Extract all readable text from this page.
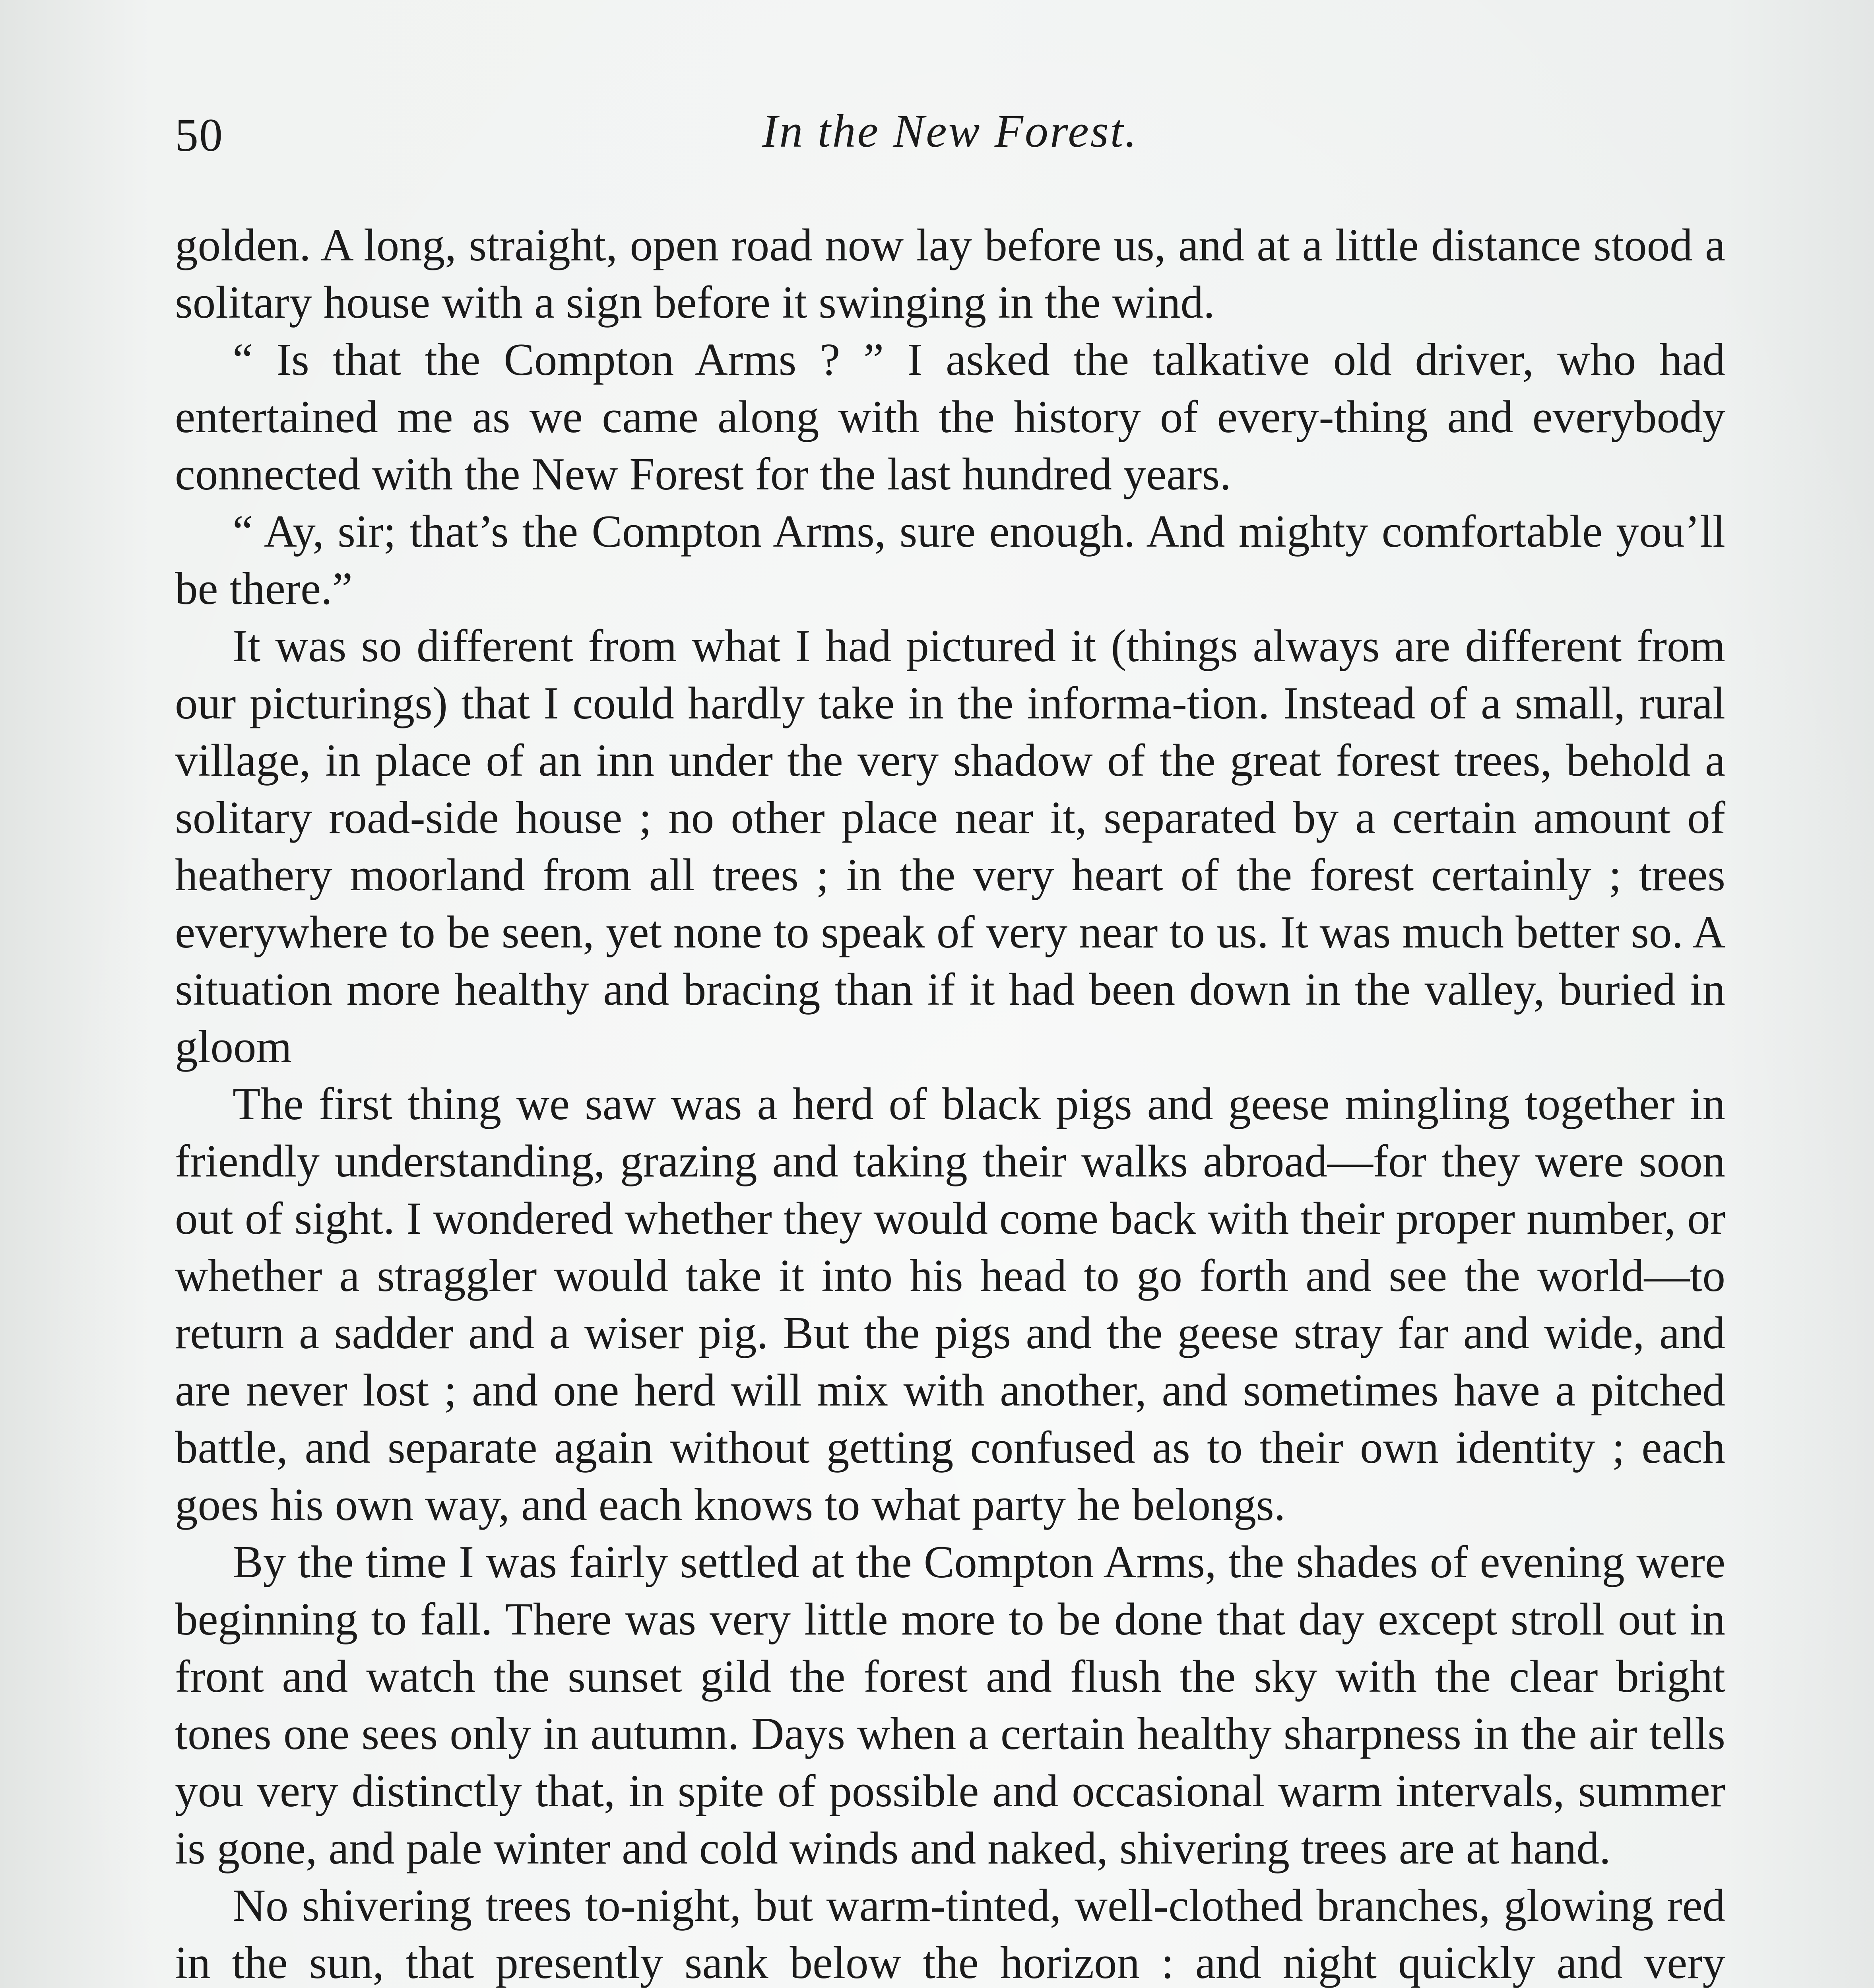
50	In the New Forest.

golden. A long, straight, open road now lay before us, and at a little distance stood a solitary house with a sign before it swinging in the wind.

“ Is that the Compton Arms ? ” I asked the talkative old driver, who had entertained me as we came along with the history of every-thing and everybody connected with the New Forest for the last hundred years.

“ Ay, sir; that’s the Compton Arms, sure enough. And mighty comfortable you’ll be there.”

It was so different from what I had pictured it (things always are different from our picturings) that I could hardly take in the informa-tion. Instead of a small, rural village, in place of an inn under the very shadow of the great forest trees, behold a solitary road-side house ; no other place near it, separated by a certain amount of heathery moorland from all trees ; in the very heart of the forest certainly ; trees everywhere to be seen, yet none to speak of very near to us. It was much better so. A situation more healthy and bracing than if it had been down in the valley, buried in gloom

The first thing we saw was a herd of black pigs and geese mingling together in friendly understanding, grazing and taking their walks abroad—for they were soon out of sight. I wondered whether they would come back with their proper number, or whether a straggler would take it into his head to go forth and see the world—to return a sadder and a wiser pig. But the pigs and the geese stray far and wide, and are never lost ; and one herd will mix with another, and sometimes have a pitched battle, and separate again without getting confused as to their own identity ; each goes his own way, and each knows to what party he belongs.

By the time I was fairly settled at the Compton Arms, the shades of evening were beginning to fall. There was very little more to be done that day except stroll out in front and watch the sunset gild the forest and flush the sky with the clear bright tones one sees only in autumn. Days when a certain healthy sharpness in the air tells you very distinctly that, in spite of possible and occasional warm intervals, summer is gone, and pale winter and cold winds and naked, shivering trees are at hand.

No shivering trees to-night, but warm-tinted, well-clothed branches, glowing red in the sun, that presently sank below the horizon : and night quickly and very
